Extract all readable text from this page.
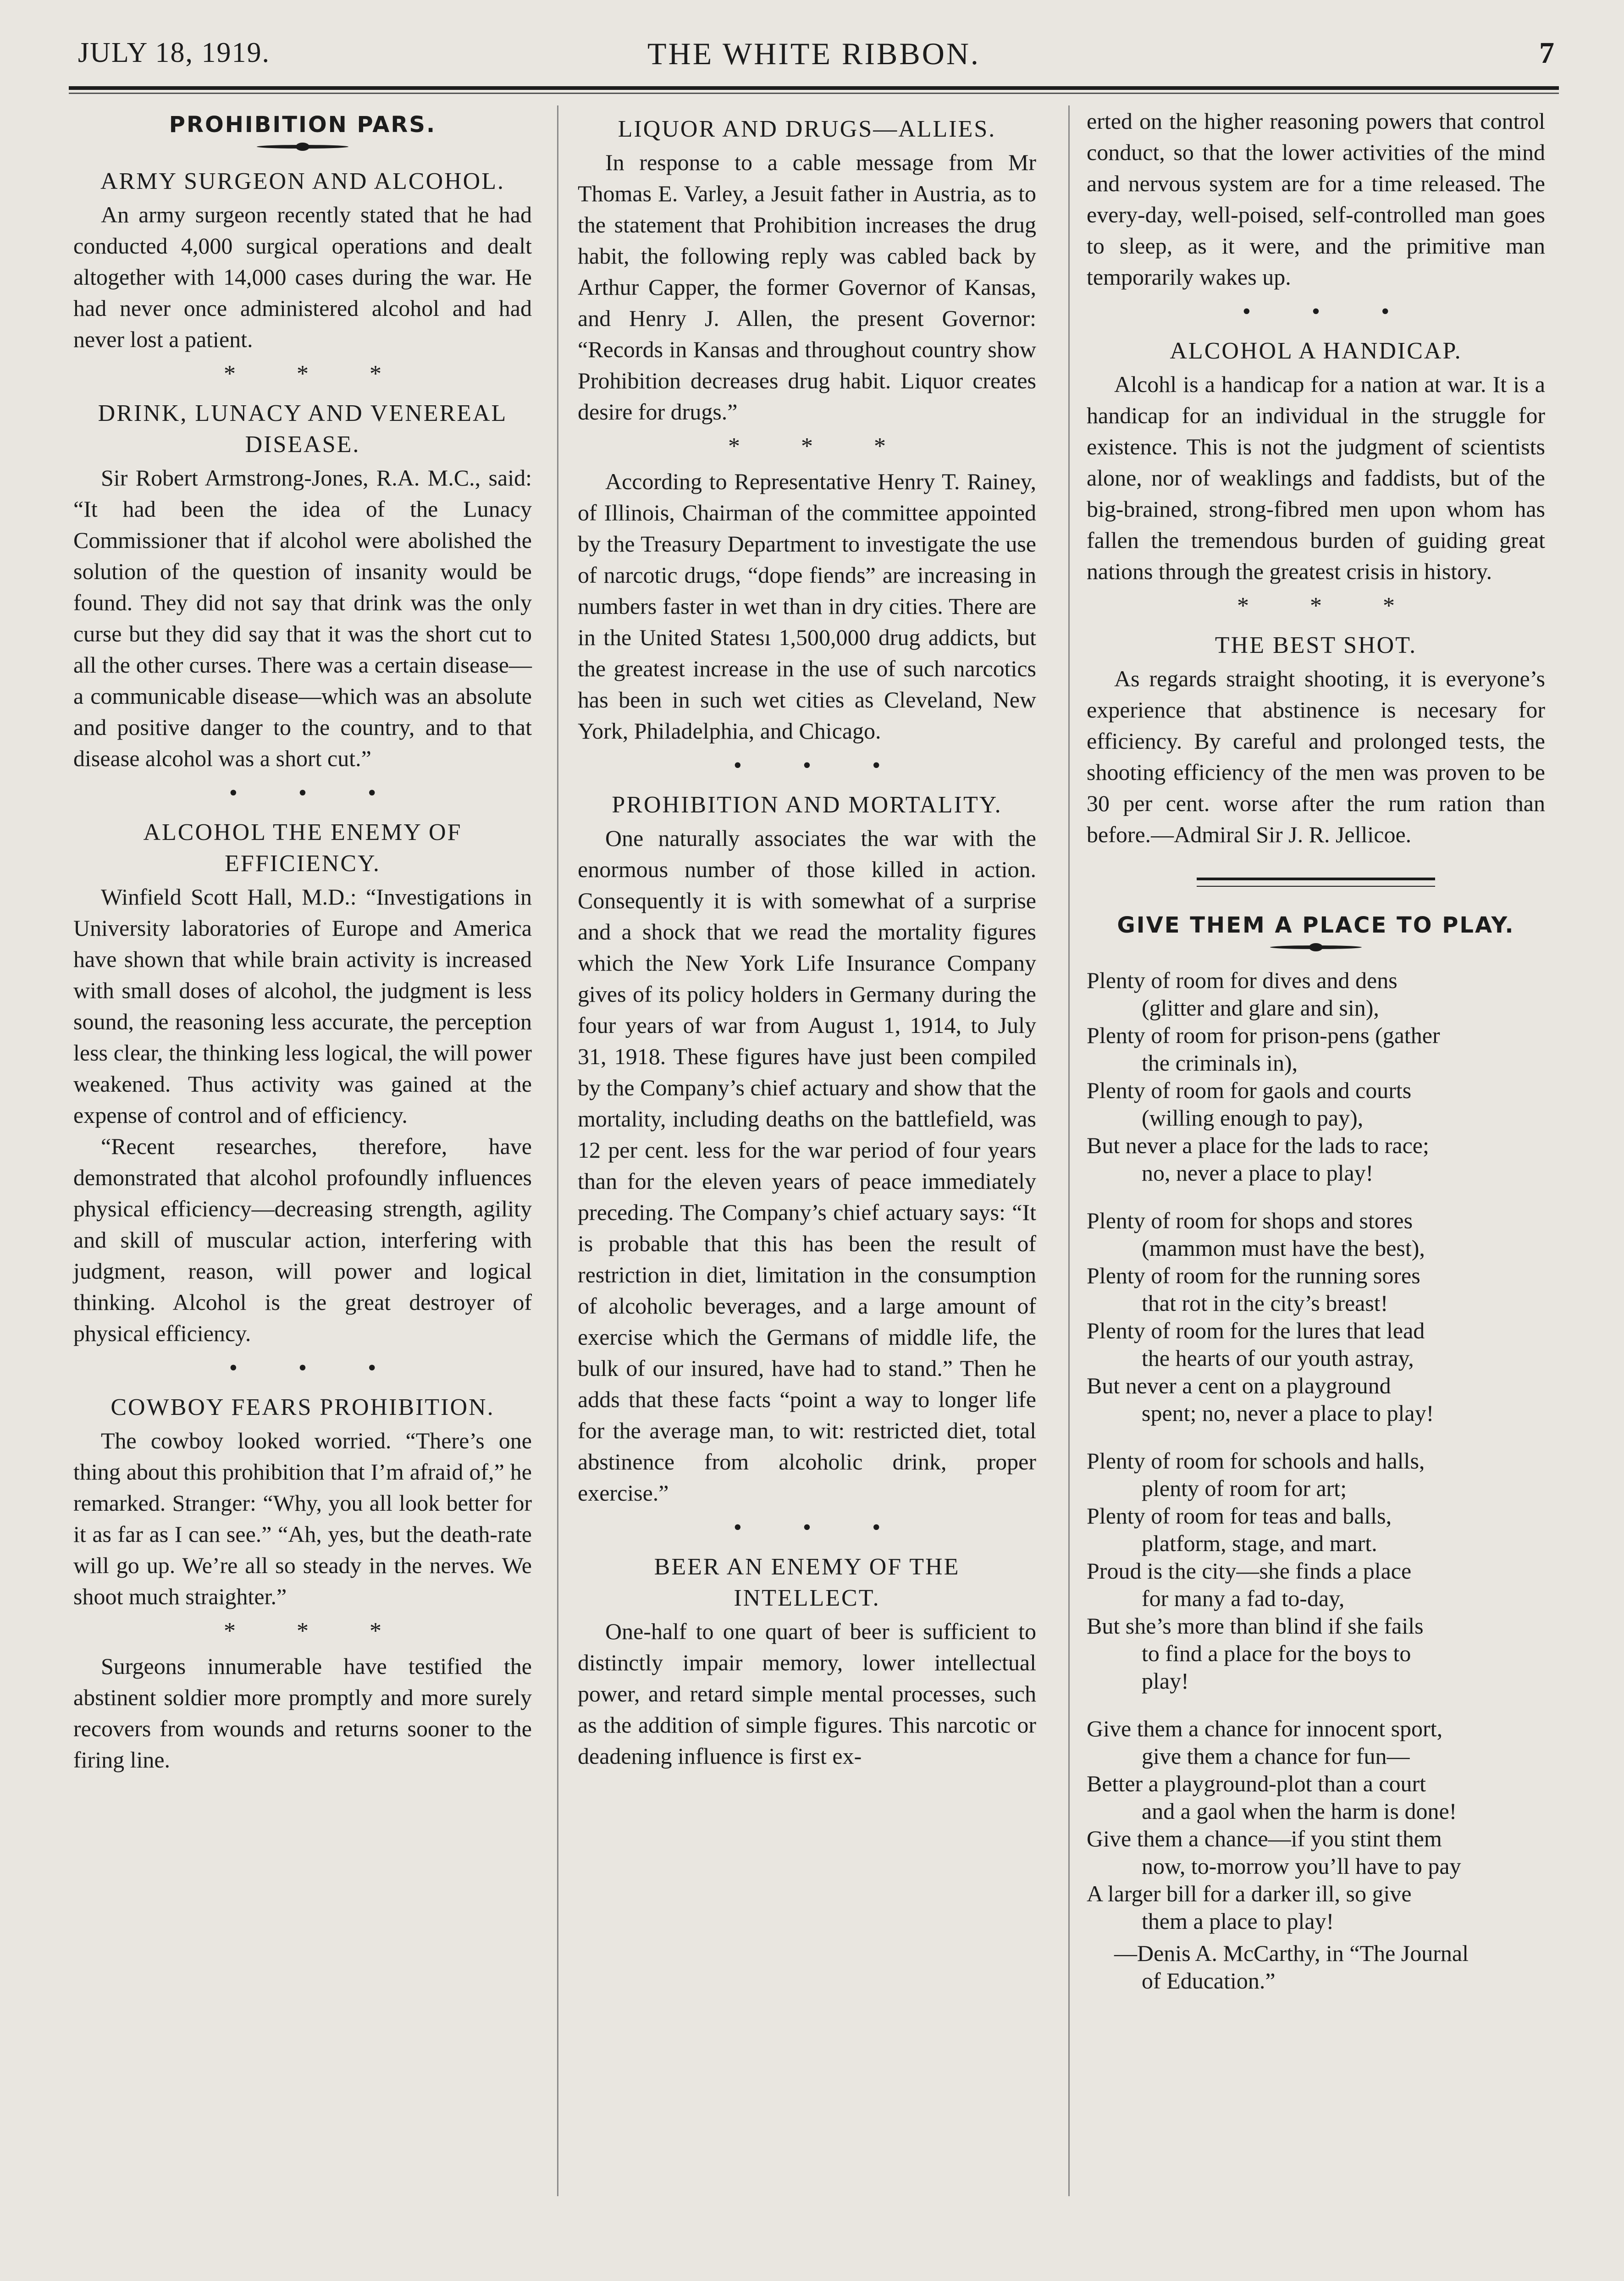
JULY 18, 1919.	THE WHITE RIBBON.	7
PROHIBITION PARS.
ARMY SURGEON AND ALCOHOL.

An army surgeon recently stated that he had conducted 4,000 surgical operations and dealt altogether with 14,000 cases during the war. He had never once administered alcohol and had never lost a patient.

* * *
DRINK, LUNACY AND VENEREAL DISEASE.

Sir Robert Armstrong-Jones, R.A. M.C., said: “It had been the idea of the Lunacy Commissioner that if alcohol were abolished the solution of the question of insanity would be found. They did not say that drink was the only curse but they did say that it was the short cut to all the other curses. There was a certain disease—a communicable disease—which was an absolute and positive danger to the country, and to that disease alcohol was a short cut.”

• • •
ALCOHOL THE ENEMY OF EFFICIENCY.

Winfield Scott Hall, M.D.: “Investigations in University laboratories of Europe and America have shown that while brain activity is increased with small doses of alcohol, the judgment is less sound, the reasoning less accurate, the perception less clear, the thinking less logical, the will power weakened. Thus activity was gained at the expense of control and of efficiency.

“Recent researches, therefore, have demonstrated that alcohol profoundly influences physical efficiency—decreasing strength, agility and skill of muscular action, interfering with judgment, reason, will power and logical thinking. Alcohol is the great destroyer of physical efficiency.

• • •
COWBOY FEARS PROHIBITION.

The cowboy looked worried. “There’s one thing about this prohibition that I’m afraid of,” he remarked. Stranger: “Why, you all look better for it as far as I can see.” “Ah, yes, but the death-rate will go up. We’re all so steady in the nerves. We shoot much straighter.”

* * *

Surgeons innumerable have testified the abstinent soldier more promptly and more surely recovers from wounds and returns sooner to the firing line.

LIQUOR AND DRUGS—ALLIES.

In response to a cable message from Mr Thomas E. Varley, a Jesuit father in Austria, as to the statement that Prohibition increases the drug habit, the following reply was cabled back by Arthur Capper, the former Governor of Kansas, and Henry J. Allen, the present Governor: “Records in Kansas and throughout country show Prohibition decreases drug habit. Liquor creates desire for drugs.”

* * *

According to Representative Henry T. Rainey, of Illinois, Chairman of the committee appointed by the Treasury Department to investigate the use of narcotic drugs, “dope fiends” are increasing in numbers faster in wet than in dry cities. There are in the United Statesı 1,500,000 drug addicts, but the greatest increase in the use of such narcotics has been in such wet cities as Cleveland, New York, Philadelphia, and Chicago.

• • •
PROHIBITION AND MORTALITY.

One naturally associates the war with the enormous number of those killed in action. Consequently it is with somewhat of a surprise and a shock that we read the mortality figures which the New York Life Insurance Company gives of its policy holders in Germany during the four years of war from August 1, 1914, to July 31, 1918. These figures have just been compiled by the Company’s chief actuary and show that the mortality, including deaths on the battlefield, was 12 per cent. less for the war period of four years than for the eleven years of peace immediately preceding. The Company’s chief actuary says: “It is probable that this has been the result of restriction in diet, limitation in the consumption of alcoholic beverages, and a large amount of exercise which the Germans of middle life, the bulk of our insured, have had to stand.” Then he adds that these facts “point a way to longer life for the average man, to wit: restricted diet, total abstinence from alcoholic drink, proper exercise.”

• • •
BEER AN ENEMY OF THE INTELLECT.

One-half to one quart of beer is sufficient to distinctly impair memory, lower intellectual power, and retard simple mental processes, such as the addition of simple figures. This narcotic or deadening influence is first ex-

erted on the higher reasoning powers that control conduct, so that the lower activities of the mind and nervous system are for a time released. The every-day, well-poised, self-controlled man goes to sleep, as it were, and the primitive man temporarily wakes up.

• • •
ALCOHOL A HANDICAP.

Alcohl is a handicap for a nation at war. It is a handicap for an individual in the struggle for existence. This is not the judgment of scientists alone, nor of weaklings and faddists, but of the big-brained, strong-fibred men upon whom has fallen the tremendous burden of guiding great nations through the greatest crisis in history.

* * *
THE BEST SHOT.

As regards straight shooting, it is everyone’s experience that abstinence is necesary for efficiency. By careful and prolonged tests, the shooting efficiency of the men was proven to be 30 per cent. worse after the rum ration than before.—Admiral Sir J. R. Jellicoe.

GIVE THEM A PLACE TO PLAY.
Plenty of room for dives and dens
(glitter and glare and sin),
Plenty of room for prison-pens (gather
the criminals in),
Plenty of room for gaols and courts
(willing enough to pay),
But never a place for the lads to race;
no, never a place to play!
Plenty of room for shops and stores
(mammon must have the best),
Plenty of room for the running sores
that rot in the city’s breast!
Plenty of room for the lures that lead
the hearts of our youth astray,
But never a cent on a playground
spent; no, never a place to play!
Plenty of room for schools and halls,
plenty of room for art;
Plenty of room for teas and balls,
platform, stage, and mart.
Proud is the city—she finds a place
for many a fad to-day,
But she’s more than blind if she fails
to find a place for the boys to
play!
Give them a chance for innocent sport,
give them a chance for fun—
Better a playground-plot than a court
and a gaol when the harm is done!
Give them a chance—if you stint them
now, to-morrow you’ll have to pay
A larger bill for a darker ill, so give
them a place to play!
—Denis A. McCarthy, in “The Journal
of Education.”
